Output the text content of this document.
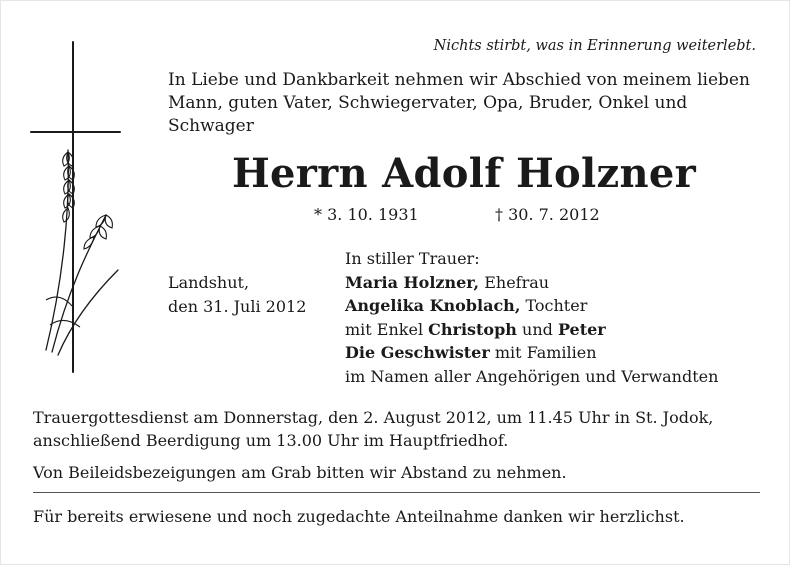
Nichts stirbt, was in Erinnerung weiterlebt.
In Liebe und Dankbarkeit nehmen wir Abschied von meinem lieben Mann, guten Vater, Schwiegervater, Opa, Bruder, Onkel und Schwager
Herrn Adolf Holzner
* 3. 10. 1931	† 30. 7. 2012
Landshut,
den 31. Juli 2012
In stiller Trauer:
Maria Holzner, Ehefrau
Angelika Knoblach, Tochter
mit Enkel Christoph und Peter
Die Geschwister mit Familien
im Namen aller Angehörigen und Verwandten
Trauergottesdienst am Donnerstag, den 2. August 2012, um 11.45 Uhr in St. Jodok, anschließend Beerdigung um 13.00 Uhr im Hauptfriedhof.
Von Beileidsbezeigungen am Grab bitten wir Abstand zu nehmen.
Für bereits erwiesene und noch zugedachte Anteilnahme danken wir herzlichst.
